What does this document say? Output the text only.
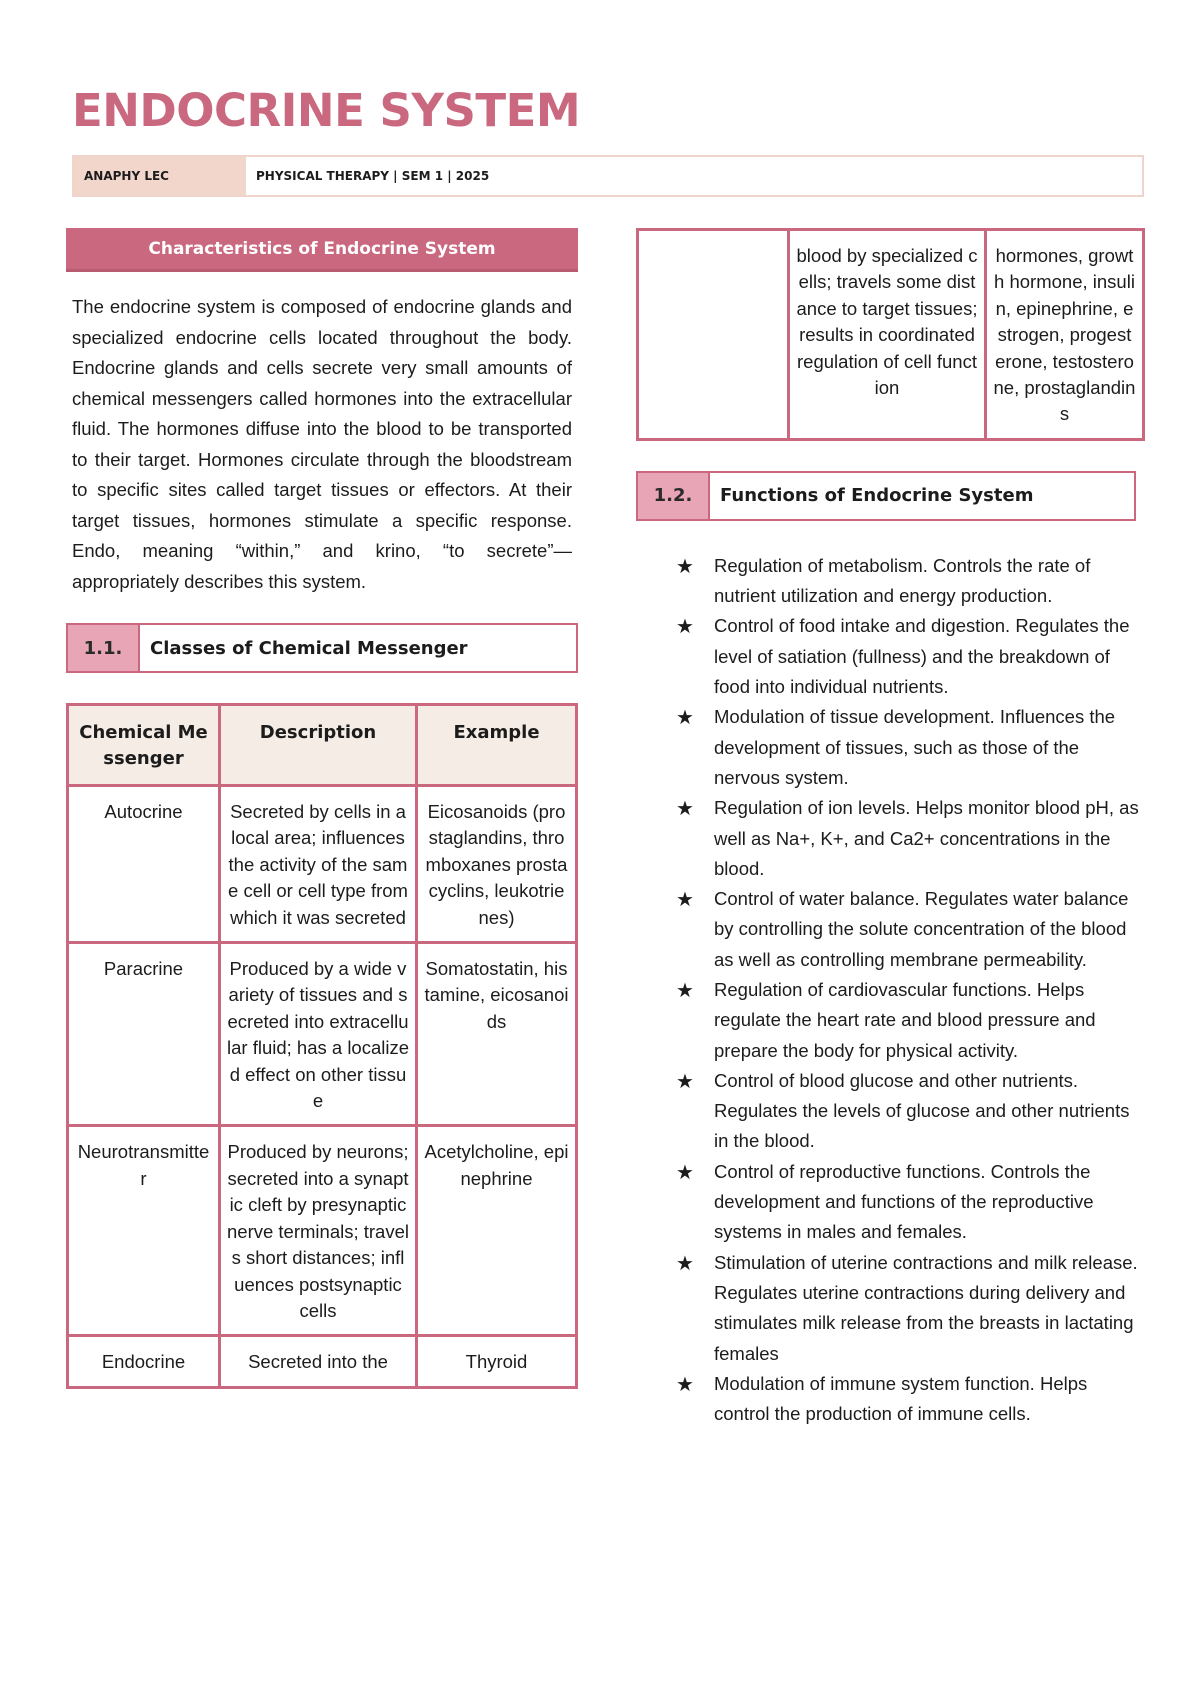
ENDOCRINE SYSTEM
ANAPHY LEC	PHYSICAL THERAPY | SEM 1 | 2025
Characteristics of Endocrine System

The endocrine system is composed of endocrine glands and specialized endocrine cells located throughout the body. Endocrine glands and cells secrete very small amounts of chemical messengers called hormones into the extracellular fluid. The hormones diffuse into the blood to be transported to their target. Hormones circulate through the bloodstream to specific sites called target tissues or effectors. At their target tissues, hormones stimulate a specific response. Endo, meaning “within,” and krino, “to secrete”—appropriately describes this system.

1.1.	Classes of Chemical Messenger
Chemical Messenger	Description	Example
Autocrine	Secreted by cells in a local area; influences the activity of the same cell or cell type from which it was secreted	Eicosanoids (prostaglandins, thromboxanes prostacyclins, leukotrienes)
Paracrine	Produced by a wide variety of tissues and secreted into extracellular fluid; has a localized effect on other tissue	Somatostatin, histamine, eicosanoids
Neurotransmitter	Produced by neurons; secreted into a synaptic cleft by presynaptic nerve terminals; travels short distances; influences postsynaptic cells	Acetylcholine, epinephrine
Endocrine	Secreted into the	Thyroid
	blood by specialized cells; travels some distance to target tissues; results in coordinated regulation of cell function	hormones, growth hormone, insulin, epinephrine, estrogen, progesterone, testosterone, prostaglandins
1.2.	Functions of Endocrine System
★ Regulation of metabolism. Controls the rate of nutrient utilization and energy production.
★ Control of food intake and digestion. Regulates the level of satiation (fullness) and the breakdown of food into individual nutrients.
★ Modulation of tissue development. Influences the development of tissues, such as those of the nervous system.
★ Regulation of ion levels. Helps monitor blood pH, as well as Na+, K+, and Ca2+ concentrations in the blood.
★ Control of water balance. Regulates water balance by controlling the solute concentration of the blood as well as controlling membrane permeability.
★ Regulation of cardiovascular functions. Helps regulate the heart rate and blood pressure and prepare the body for physical activity.
★ Control of blood glucose and other nutrients. Regulates the levels of glucose and other nutrients in the blood.
★ Control of reproductive functions. Controls the development and functions of the reproductive systems in males and females.
★ Stimulation of uterine contractions and milk release. Regulates uterine contractions during delivery and stimulates milk release from the breasts in lactating females
★ Modulation of immune system function. Helps control the production of immune cells.
